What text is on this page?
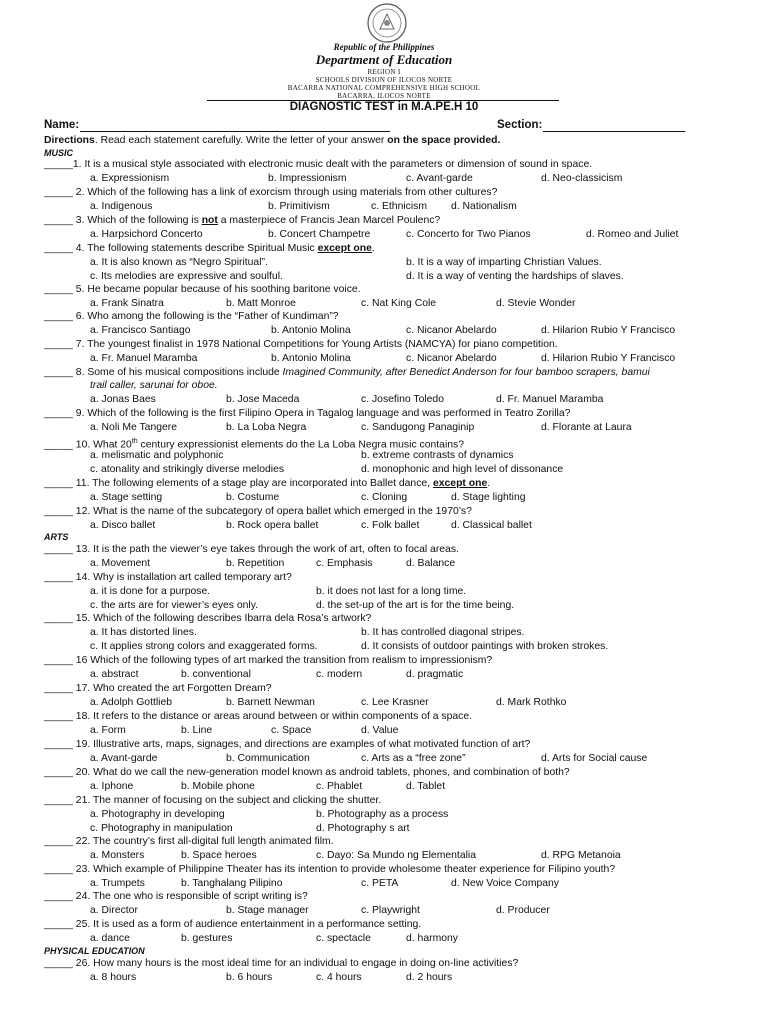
Republic of the Philippines
Department of Education
REGION I
SCHOOLS DIVISION OF ILOCOS NORTE
BACARRA NATIONAL COMPREHENSIVE HIGH SCHOOL
BACARRA, ILOCOS NORTE
DIAGNOSTIC TEST in M.A.PE.H 10
Name:	Section:
Directions. Read each statement carefully. Write the letter of your answer on the space provided.
MUSIC
_____1. It is a musical style associated with electronic music dealt with the parameters or dimension of sound in space.
a. Expressionism	b. Impressionism	c. Avant-garde	d. Neo-classicism
_____ 2. Which of the following has a link of exorcism through using materials from other cultures?
a. Indigenous	b. Primitivism	c. Ethnicism d. Nationalism
_____ 3. Which of the following is not a masterpiece of Francis Jean Marcel Poulenc?
a. Harpsichord Concerto	b. Concert Champetre	c. Concerto for Two Pianos	d. Romeo and Juliet
_____ 4. The following statements describe Spiritual Music except one.
a. It is also known as “Negro Spiritual”.	b. It is a way of imparting Christian Values.
c. Its melodies are expressive and soulful.	d. It is a way of venting the hardships of slaves.
_____ 5. He became popular because of his soothing baritone voice.
a. Frank Sinatra	b. Matt Monroe	c. Nat King Cole	d. Stevie Wonder
_____ 6. Who among the following is the “Father of Kundiman”?
a. Francisco Santiago	b. Antonio Molina	c. Nicanor Abelardo	d. Hilarion Rubio Y Francisco
_____ 7. The youngest finalist in 1978 National Competitions for Young Artists (NAMCYA) for piano competition.
a. Fr. Manuel Maramba	b. Antonio Molina	c. Nicanor Abelardo	d. Hilarion Rubio Y Francisco
_____ 8. Some of his musical compositions include Imagined Community, after Benedict Anderson for four bamboo scrapers, bamui
trail caller, sarunai for oboe.
a. Jonas Baes	b. Jose Maceda	c. Josefino Toledo	d. Fr. Manuel Maramba
_____ 9. Which of the following is the first Filipino Opera in Tagalog language and was performed in Teatro Zorilla?
a. Noli Me Tangere	b. La Loba Negra	c. Sandugong Panaginip	d. Florante at Laura
_____ 10. What 20th century expressionist elements do the La Loba Negra music contains?
a. melismatic and polyphonic	b. extreme contrasts of dynamics
c. atonality and strikingly diverse melodies	d. monophonic and high level of dissonance
_____ 11. The following elements of a stage play are incorporated into Ballet dance, except one.
a. Stage setting	b. Costume	c. Cloning	d. Stage lighting
_____ 12. What is the name of the subcategory of opera ballet which emerged in the 1970’s?
a. Disco ballet	b. Rock opera ballet	c. Folk ballet	d. Classical ballet
ARTS
_____ 13. It is the path the viewer’s eye takes through the work of art, often to focal areas.
a. Movement	b. Repetition	c. Emphasis	d. Balance
_____ 14. Why is installation art called temporary art?
a. it is done for a purpose.	b. it does not last for a long time.
c. the arts are for viewer’s eyes only.	d. the set-up of the art is for the time being.
_____ 15. Which of the following describes Ibarra dela Rosa’s artwork?
a. It has distorted lines.	b. It has controlled diagonal stripes.
c. It applies strong colors and exaggerated forms.	d. It consists of outdoor paintings with broken strokes.
_____ 16 Which of the following types of art marked the transition from realism to impressionism?
a. abstract	b. conventional	c. modern	d. pragmatic
_____ 17. Who created the art Forgotten Dream?
a. Adolph Gottlieb	b. Barnett Newman	c. Lee Krasner	d. Mark Rothko
_____ 18. It refers to the distance or areas around between or within components of a space.
a. Form	b. Line	c. Space	d. Value
_____ 19. Illustrative arts, maps, signages, and directions are examples of what motivated function of art?
a. Avant-garde	b. Communication	c. Arts as a “free zone”	d. Arts for Social cause
_____ 20. What do we call the new-generation model known as android tablets, phones, and combination of both?
a. Iphone	b. Mobile phone	c. Phablet	d. Tablet
_____ 21. The manner of focusing on the subject and clicking the shutter.
a. Photography in developing	b. Photography as a process
c. Photography in manipulation	d. Photography s art
_____ 22. The country’s first all-digital full length animated film.
a. Monsters	b. Space heroes	c. Dayo: Sa Mundo ng Elementalia	d. RPG Metanoia
_____ 23. Which example of Philippine Theater has its intention to provide wholesome theater experience for Filipino youth?
a. Trumpets	b. Tanghalang Pilipino	c. PETA	d. New Voice Company
_____ 24. The one who is responsible of script writing is?
a. Director	b. Stage manager	c. Playwright	d. Producer
_____ 25. It is used as a form of audience entertainment in a performance setting.
a. dance	b. gestures	c. spectacle	d. harmony
PHYSICAL EDUCATION
_____ 26. How many hours is the most ideal time for an individual to engage in doing on-line activities?
a. 8 hours	b. 6 hours	c. 4 hours	d. 2 hours
